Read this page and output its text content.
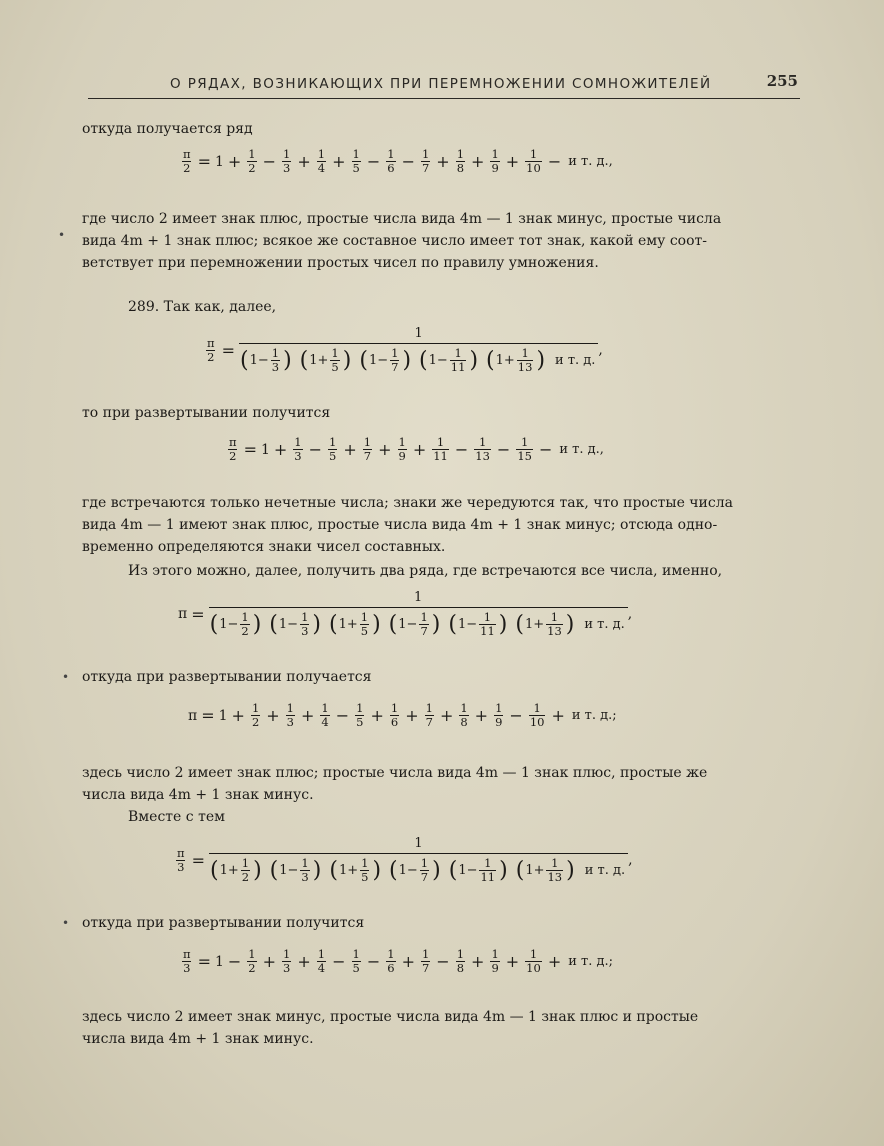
О РЯДАХ, ВОЗНИКАЮЩИХ ПРИ ПЕРЕМНОЖЕНИИ СОМНОЖИТЕЛЕЙ	255
откуда получается ряд
$\frac{\pi}{2} = 1 + \frac{1}{2} - \frac{1}{3} + \frac{1}{4} + \frac{1}{5} - \frac{1}{6} - \frac{1}{7} + \frac{1}{8} + \frac{1}{9} + \frac{1}{10} - и$ т. д.,
где число 2 имеет знак плюс, простые числа вида 4m — 1 знак минус, простые числа
вида 4m + 1 знак плюс; всякое же составное число имеет тот знак, какой ему соот-
ветствует при перемножении простых чисел по правилу умножения.
289. Так как, далее,
$\frac{\pi}{2}$ =
1
( 1− 1
3 ) ( 1+ 1
5 ) ( 1− 1
7 ) ( 1− 1
11 ) ( 1+ 1
13 ) и т. д.
,
то при развертывании получится
$\frac{\pi}{2} = 1 + \frac{1}{3} - \frac{1}{5} + \frac{1}{7} + \frac{1}{9} + \frac{1}{11} - \frac{1}{13} - \frac{1}{15} - и$ т. д.,
где встречаются только нечетные числа; знаки же чередуются так, что простые числа
вида 4m — 1 имеют знак плюс, простые числа вида 4m + 1 знак минус; отсюда одно-
временно определяются знаки чисел составных.
Из этого можно, далее, получить два ряда, где встречаются все числа, именно,
π =
1
( 1− 1
2 ) ( 1− 1
3 ) ( 1+ 1
5 ) ( 1− 1
7 ) ( 1− 1
11 ) ( 1+ 1
13 ) и т. д.
,
откуда при развертывании получается
$\pi = 1 + \frac{1}{2} + \frac{1}{3} + \frac{1}{4} - \frac{1}{5} + \frac{1}{6} + \frac{1}{7} + \frac{1}{8} + \frac{1}{9} - \frac{1}{10} + и$ т. д.;
здесь число 2 имеет знак плюс; простые числа вида 4m — 1 знак плюс, простые же
числа вида 4m + 1 знак минус.
Вместе с тем
$\frac{\pi}{3}$ =
1
( 1+ 1
2 ) ( 1− 1
3 ) ( 1+ 1
5 ) ( 1− 1
7 ) ( 1− 1
11 ) ( 1+ 1
13 ) и т. д.
,
откуда при развертывании получится
$\frac{\pi}{3} = 1 - \frac{1}{2} + \frac{1}{3} + \frac{1}{4} - \frac{1}{5} - \frac{1}{6} + \frac{1}{7} - \frac{1}{8} + \frac{1}{9} + \frac{1}{10} + и$ т. д.;
здесь число 2 имеет знак минус, простые числа вида 4m — 1 знак плюс и простые
числа вида 4m + 1 знак минус.
•
•
•
